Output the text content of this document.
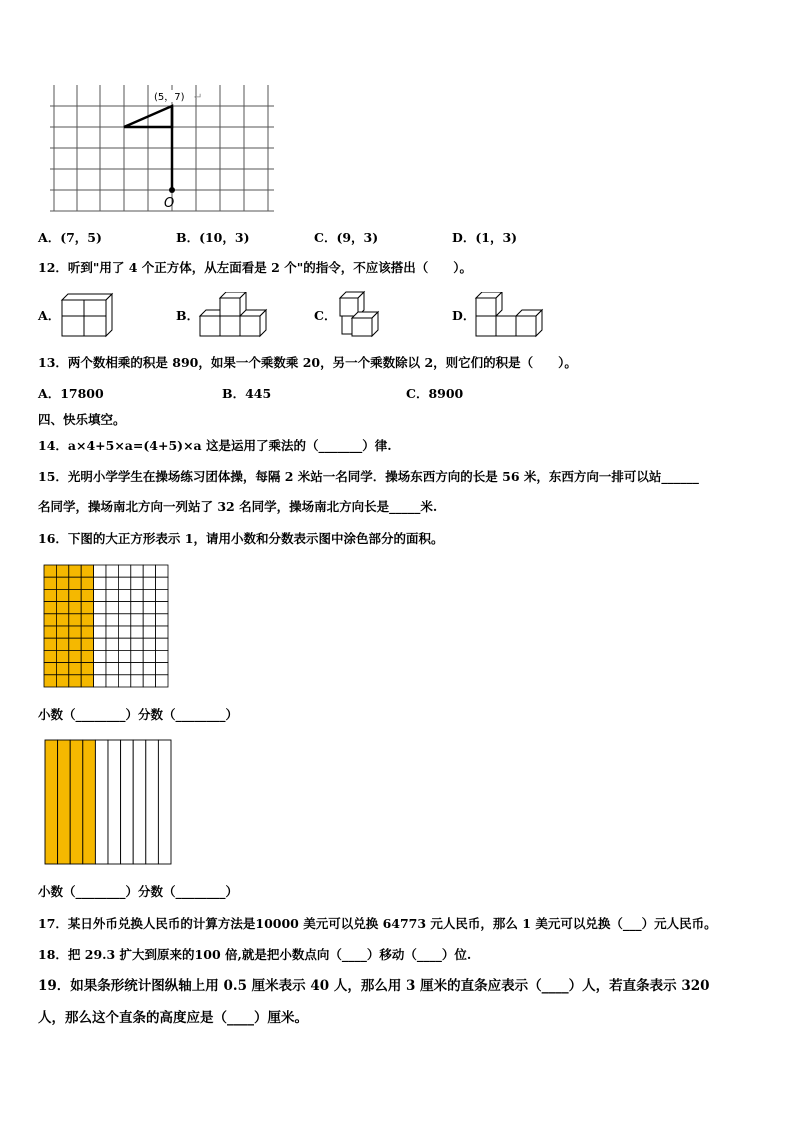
(5，7) ↵
O
A．(7，5)	B．(10，3)	C．(9，3)	D．(1，3)
12．听到"用了 4 个正方体，从左面看是 2 个"的指令，不应该搭出（　　）。
A．	B．	C．	D．
13．两个数相乘的积是 890，如果一个乘数乘 20，另一个乘数除以 2，则它们的积是（　　）。
A．17800	B．445	C．8900
四、快乐填空。
14．a×4+5×a=(4+5)×a 这是运用了乘法的（_______）律.
15．光明小学学生在操场练习团体操，每隔 2 米站一名同学．操场东西方向的长是 56 米，东西方向一排可以站______
名同学，操场南北方向一列站了 32 名同学，操场南北方向长是_____米.
16．下图的大正方形表示 1，请用小数和分数表示图中涂色部分的面积。
小数（________）分数（________）
小数（________）分数（________）
17．某日外币兑换人民币的计算方法是10000 美元可以兑换 64773 元人民币，那么 1 美元可以兑换（___）元人民币。
18．把 29.3 扩大到原来的100 倍,就是把小数点向（____）移动（____）位.
19．如果条形统计图纵轴上用 0.5 厘米表示 40 人，那么用 3 厘米的直条应表示（____）人，若直条表示 320
人，那么这个直条的高度应是（____）厘米。
